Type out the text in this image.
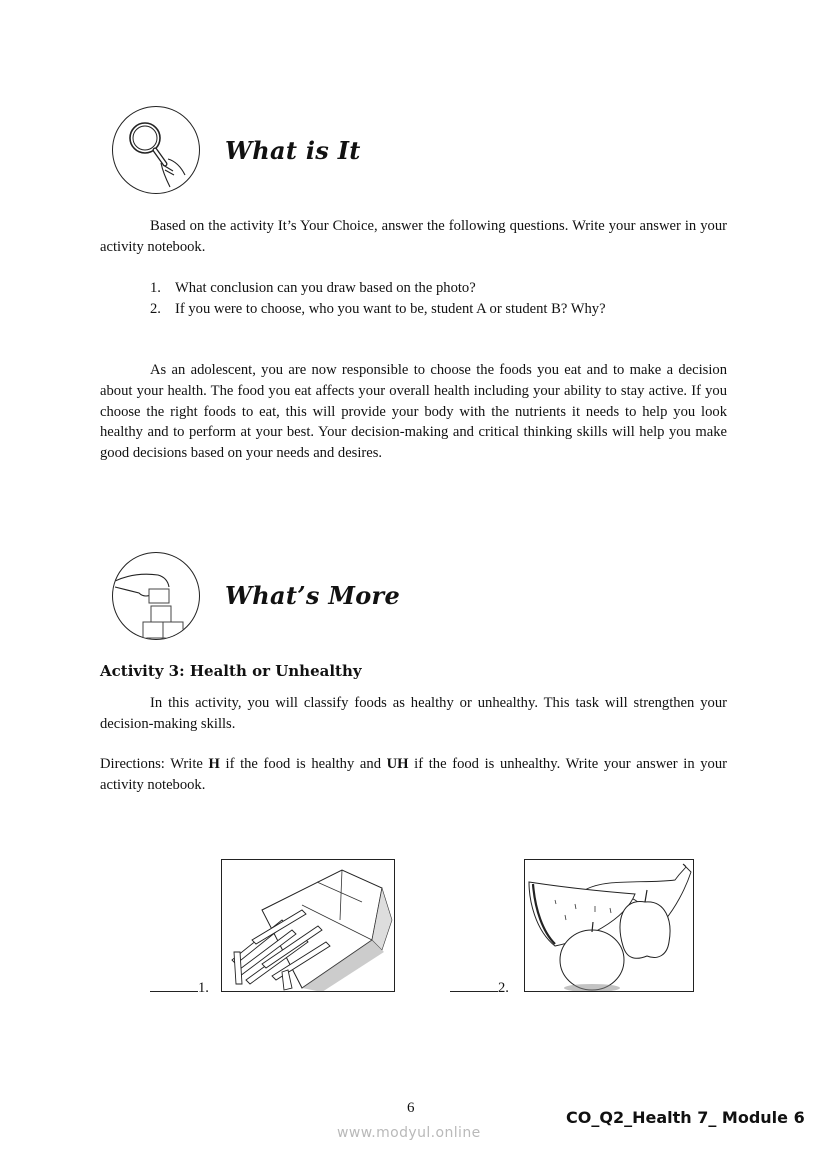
What is It

Based on the activity It’s Your Choice, answer the following questions. Write your answer in your activity notebook.

1. What conclusion can you draw based on the photo?
2. If you were to choose, who you want to be, student A or student B? Why?

As an adolescent, you are now responsible to choose the foods you eat and to make a decision about your health. The food you eat affects your overall health including your ability to stay active. If you choose the right foods to eat, this will provide your body with the nutrients it needs to help you look healthy and to perform at your best. Your decision-making and critical thinking skills will help you make good decisions based on your needs and desires.

What’s More
Activity 3: Health or Unhealthy

In this activity, you will classify foods as healthy or unhealthy. This task will strengthen your decision-making skills.

Directions: Write H if the food is healthy and UH if the food is unhealthy. Write your answer in your activity notebook.

1.	2.
6
www.modyul.online
CO_Q2_Health 7_ Module 6
